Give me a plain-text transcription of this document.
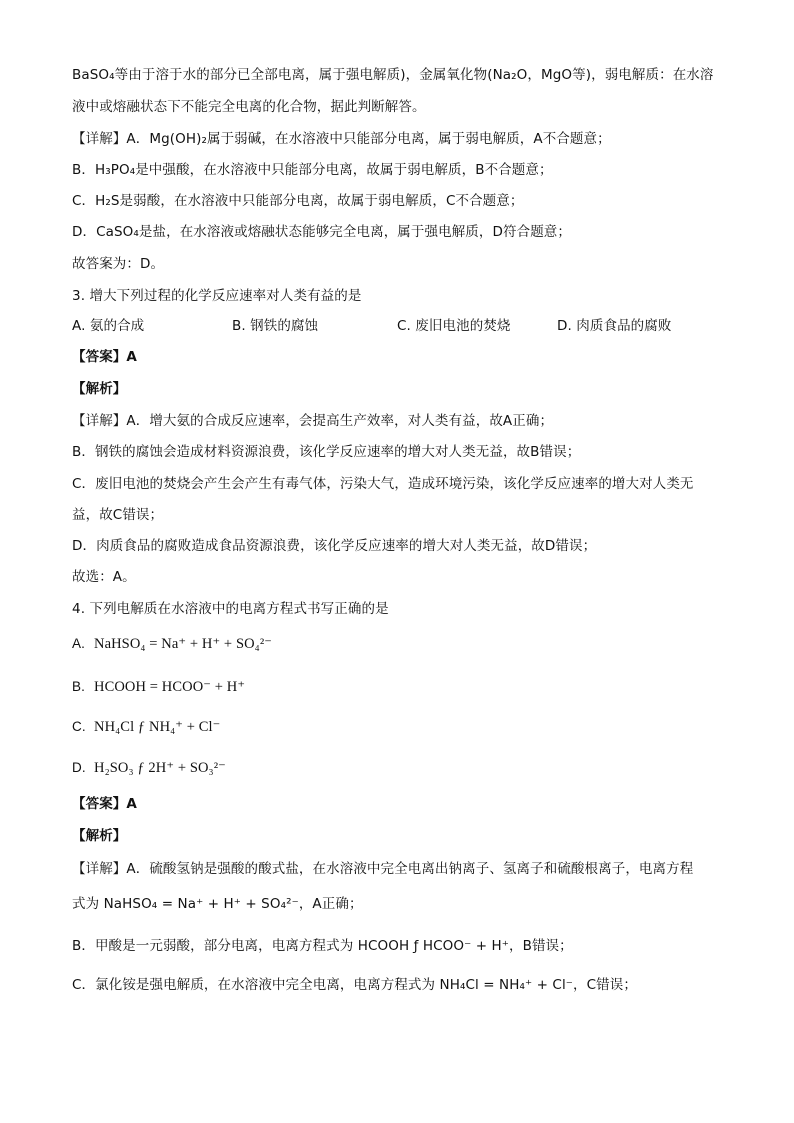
BaSO₄等由于溶于水的部分已全部电离，属于强电解质)，金属氧化物(Na₂O，MgO等)，弱电解质：在水溶
液中或熔融状态下不能完全电离的化合物，据此判断解答。
【详解】A．Mg(OH)₂属于弱碱，在水溶液中只能部分电离，属于弱电解质，A不合题意；
B．H₃PO₄是中强酸，在水溶液中只能部分电离，故属于弱电解质，B不合题意；
C．H₂S是弱酸，在水溶液中只能部分电离，故属于弱电解质，C不合题意；
D．CaSO₄是盐，在水溶液或熔融状态能够完全电离，属于强电解质，D符合题意；
故答案为：D。
3. 增大下列过程的化学反应速率对人类有益的是
A. 氨的合成	B. 钢铁的腐蚀	C. 废旧电池的焚烧	D. 肉质食品的腐败
【答案】A
【解析】
【详解】A．增大氨的合成反应速率，会提高生产效率，对人类有益，故A正确；
B．钢铁的腐蚀会造成材料资源浪费，该化学反应速率的增大对人类无益，故B错误；
C．废旧电池的焚烧会产生会产生有毒气体，污染大气，造成环境污染，该化学反应速率的增大对人类无
益，故C错误；
D．肉质食品的腐败造成食品资源浪费，该化学反应速率的增大对人类无益，故D错误；
故选：A。
4. 下列电解质在水溶液中的电离方程式书写正确的是
A. NaHSO₄ = Na⁺ + H⁺ + SO₄²⁻
B. HCOOH = HCOO⁻ + H⁺
C. NH₄Cl ƒ NH₄⁺ + Cl⁻
D. H₂SO₃ ƒ 2H⁺ + SO₃²⁻
【答案】A
【解析】
【详解】A．硫酸氢钠是强酸的酸式盐，在水溶液中完全电离出钠离子、氢离子和硫酸根离子，电离方程
式为 NaHSO₄ = Na⁺ + H⁺ + SO₄²⁻，A正确；
B．甲酸是一元弱酸，部分电离，电离方程式为 HCOOH ƒ HCOO⁻ + H⁺，B错误；
C．氯化铵是强电解质，在水溶液中完全电离，电离方程式为 NH₄Cl = NH₄⁺ + Cl⁻，C错误；
